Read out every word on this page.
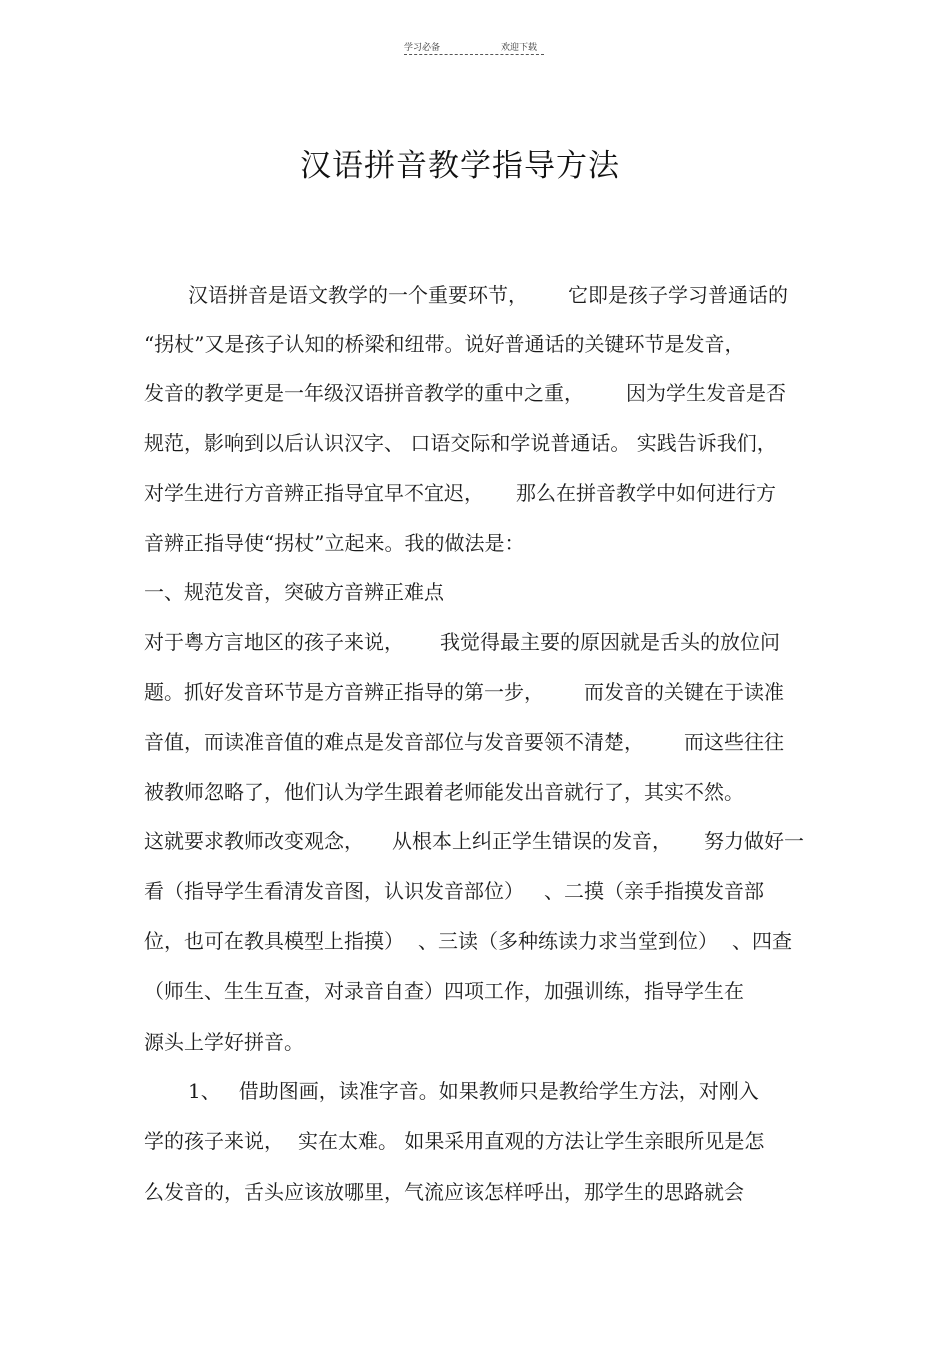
学习必备	欢迎下载
汉语拼音教学指导方法
汉语拼音是语文教学的一个重要环节， 它即是孩子学习普通话的
“拐杖”又是孩子认知的桥梁和纽带。说好普通话的关键环节是发音，
发音的教学更是一年级汉语拼音教学的重中之重， 因为学生发音是否
规范，影响到以后认识汉字、 口语交际和学说普通话。 实践告诉我们，
对学生进行方音辨正指导宜早不宜迟， 那么在拼音教学中如何进行方
音辨正指导使“拐杖”立起来。我的做法是：
一、规范发音，突破方音辨正难点
对于粤方言地区的孩子来说， 我觉得最主要的原因就是舌头的放位问
题。抓好发音环节是方音辨正指导的第一步， 而发音的关键在于读准
音值，而读准音值的难点是发音部位与发音要领不清楚， 而这些往往
被教师忽略了，他们认为学生跟着老师能发出音就行了，其实不然。
这就要求教师改变观念， 从根本上纠正学生错误的发音， 努力做好一
看（指导学生看清发音图，认识发音部位） 、二摸（亲手指摸发音部
位，也可在教具模型上指摸） 、三读（多种练读力求当堂到位） 、四查
（师生、生生互查，对录音自查）四项工作，加强训练，指导学生在
源头上学好拼音。
1、 借助图画，读准字音。如果教师只是教给学生方法，对刚入
学的孩子来说， 实在太难。 如果采用直观的方法让学生亲眼所见是怎
么发音的，舌头应该放哪里，气流应该怎样呼出，那学生的思路就会
